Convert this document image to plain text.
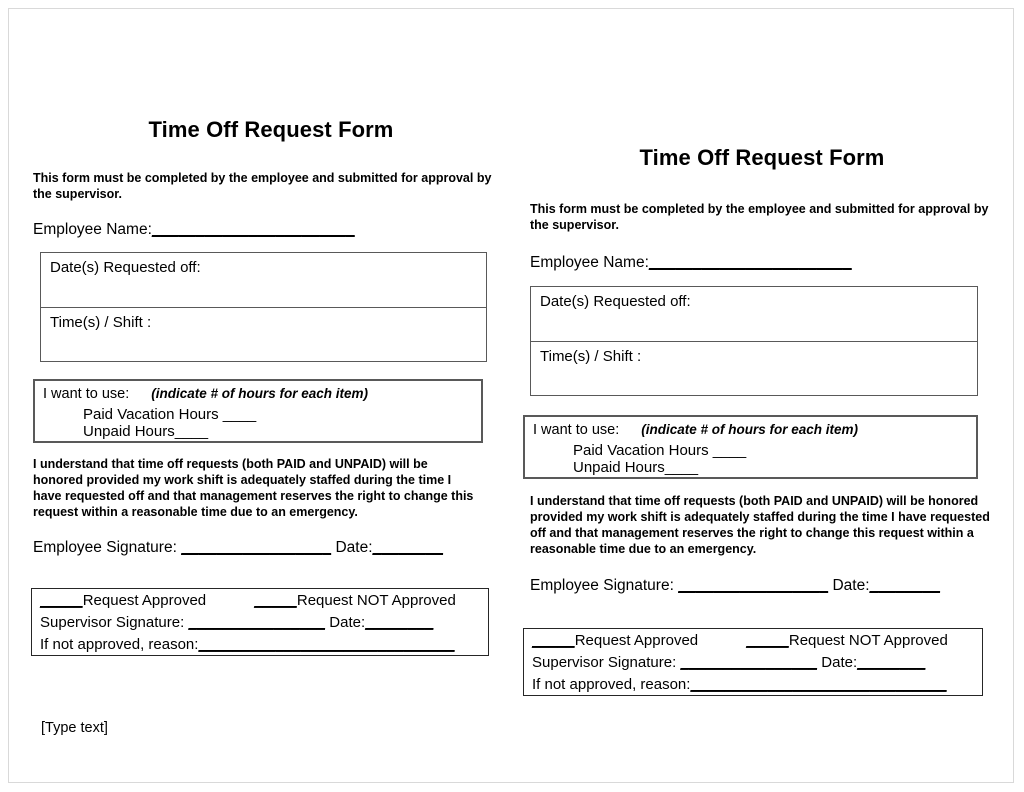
Time Off Request Form

This form must be completed by the employee and submitted for approval by the supervisor.

Employee Name:_______________________

Date(s) Requested off:
Time(s) / Shift :
I want to use: (indicate # of hours for each item)
Paid Vacation Hours ____
Unpaid Hours____

I understand that time off requests (both PAID and UNPAID) will be honored provided my work shift is adequately staffed during the time I have requested off and that management reserves the right to change this request within a reasonable time due to an emergency.

Employee Signature: _________________ Date:________

_____Request Approved	_____Request NOT Approved
Supervisor Signature: ________________ Date:________
If not approved, reason:______________________________
[Type text]
Time Off Request Form

This form must be completed by the employee and submitted for approval by the supervisor.

Employee Name:_______________________

Date(s) Requested off:
Time(s) / Shift :
I want to use: (indicate # of hours for each item)
Paid Vacation Hours ____
Unpaid Hours____

I understand that time off requests (both PAID and UNPAID) will be honored provided my work shift is adequately staffed during the time I have requested off and that management reserves the right to change this request within a reasonable time due to an emergency.

Employee Signature: _________________ Date:________

_____Request Approved	_____Request NOT Approved
Supervisor Signature: ________________ Date:________
If not approved, reason:______________________________
